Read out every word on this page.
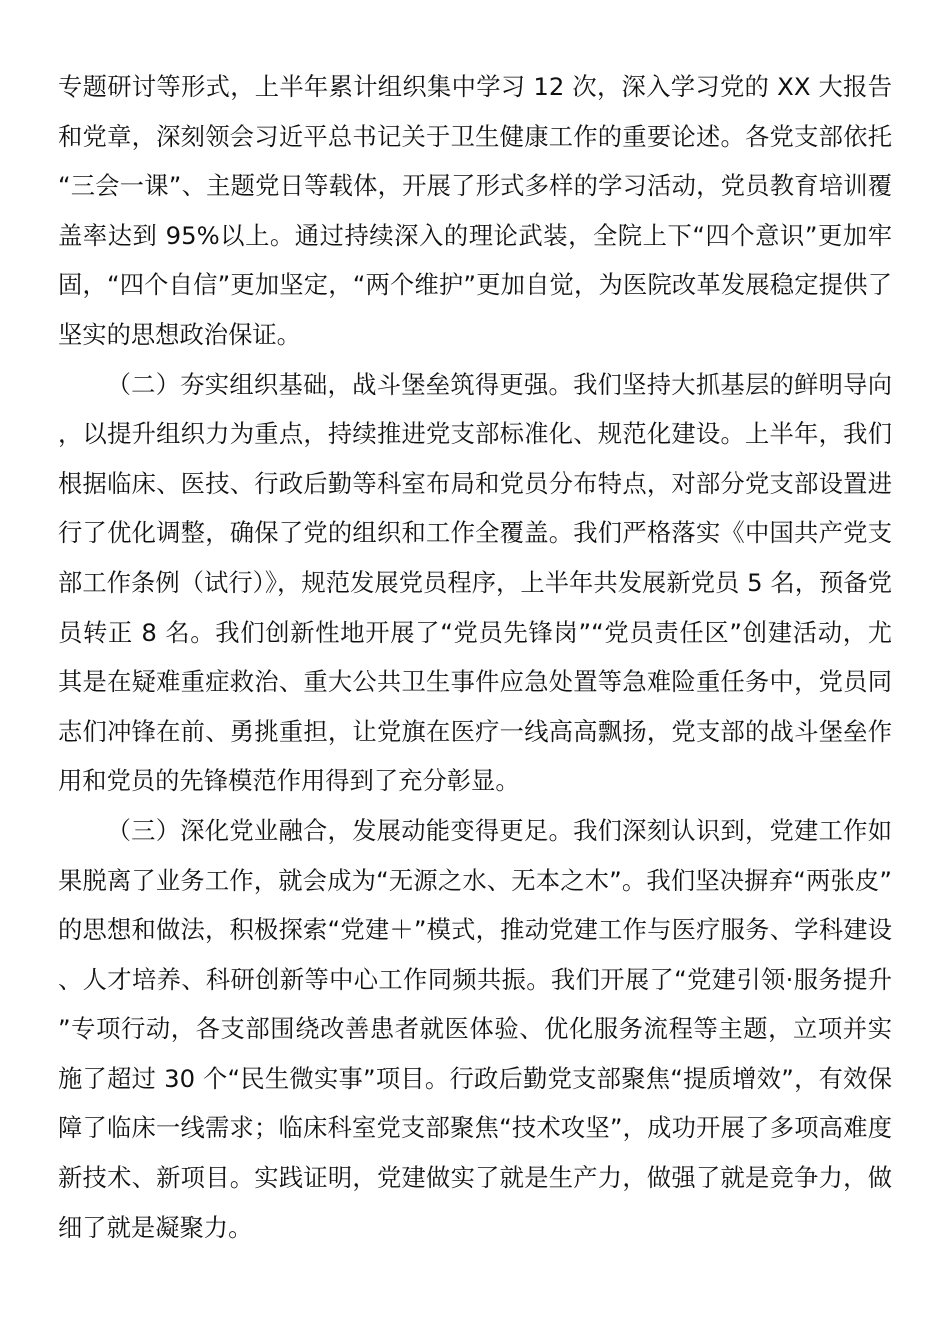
专题研讨等形式，上半年累计组织集中学习 12 次，深入学习党的 XX 大报告和党章，深刻领会习近平总书记关于卫生健康工作的重要论述。各党支部依托“三会一课”、主题党日等载体，开展了形式多样的学习活动，党员教育培训覆盖率达到 95%以上。通过持续深入的理论武装，全院上下“四个意识”更加牢固，“四个自信”更加坚定，“两个维护”更加自觉，为医院改革发展稳定提供了坚实的思想政治保证。

（二）夯实组织基础，战斗堡垒筑得更强。我们坚持大抓基层的鲜明导向，以提升组织力为重点，持续推进党支部标准化、规范化建设。上半年，我们根据临床、医技、行政后勤等科室布局和党员分布特点，对部分党支部设置进行了优化调整，确保了党的组织和工作全覆盖。我们严格落实《中国共产党支部工作条例（试行）》，规范发展党员程序，上半年共发展新党员 5 名，预备党员转正 8 名。我们创新性地开展了“党员先锋岗”“党员责任区”创建活动，尤其是在疑难重症救治、重大公共卫生事件应急处置等急难险重任务中，党员同志们冲锋在前、勇挑重担，让党旗在医疗一线高高飘扬，党支部的战斗堡垒作用和党员的先锋模范作用得到了充分彰显。

（三）深化党业融合，发展动能变得更足。我们深刻认识到，党建工作如果脱离了业务工作，就会成为“无源之水、无本之木”。我们坚决摒弃“两张皮”的思想和做法，积极探索“党建＋”模式，推动党建工作与医疗服务、学科建设、人才培养、科研创新等中心工作同频共振。我们开展了“党建引领·服务提升”专项行动，各支部围绕改善患者就医体验、优化服务流程等主题，立项并实施了超过 30 个“民生微实事”项目。行政后勤党支部聚焦“提质增效”，有效保障了临床一线需求；临床科室党支部聚焦“技术攻坚”，成功开展了多项高难度新技术、新项目。实践证明，党建做实了就是生产力，做强了就是竞争力，做细了就是凝聚力。
